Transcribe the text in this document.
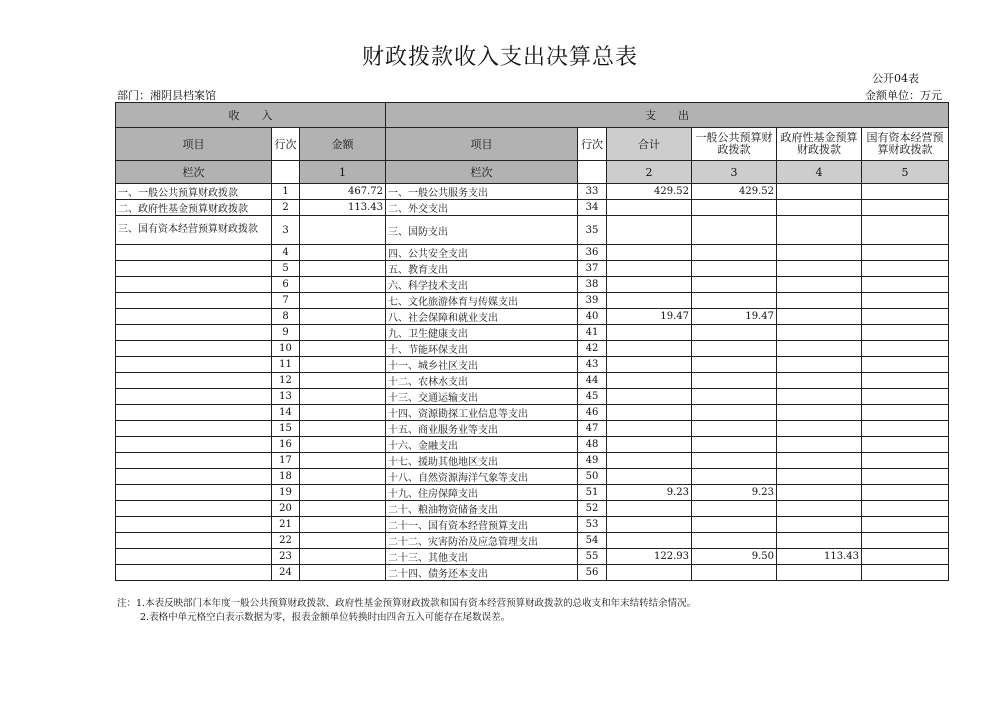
财政拨款收入支出决算总表
公开04表
部门：湘阴县档案馆	金额单位：万元
收　　入			支　　出					
项目	行次	金额	项目	行次	合计	一般公共预算财政拨款	政府性基金预算财政拨款	国有资本经营预算财政拨款
栏次		1	栏次		2	3	4	5
一、一般公共预算财政拨款	1	467.72	一、一般公共服务支出	33	429.52	429.52		
二、政府性基金预算财政拨款	2	113.43	二、外交支出	34				
三、国有资本经营预算财政拨款	3		三、国防支出	35				
	4		四、公共安全支出	36				
	5		五、教育支出	37				
	6		六、科学技术支出	38				
	7		七、文化旅游体育与传媒支出	39				
	8		八、社会保障和就业支出	40	19.47	19.47		
	9		九、卫生健康支出	41				
	10		十、节能环保支出	42				
	11		十一、城乡社区支出	43				
	12		十二、农林水支出	44				
	13		十三、交通运输支出	45				
	14		十四、资源勘探工业信息等支出	46				
	15		十五、商业服务业等支出	47				
	16		十六、金融支出	48				
	17		十七、援助其他地区支出	49				
	18		十八、自然资源海洋气象等支出	50				
	19		十九、住房保障支出	51	9.23	9.23		
	20		二十、粮油物资储备支出	52				
	21		二十一、国有资本经营预算支出	53				
	22		二十二、灾害防治及应急管理支出	54				
	23		二十三、其他支出	55	122.93	9.50	113.43	
	24		二十四、债务还本支出	56				
注：1.本表反映部门本年度一般公共预算财政拨款、政府性基金预算财政拨款和国有资本经营预算财政拨款的总收支和年末结转结余情况。
2.表格中单元格空白表示数据为零，报表金额单位转换时由四舍五入可能存在尾数误差。
